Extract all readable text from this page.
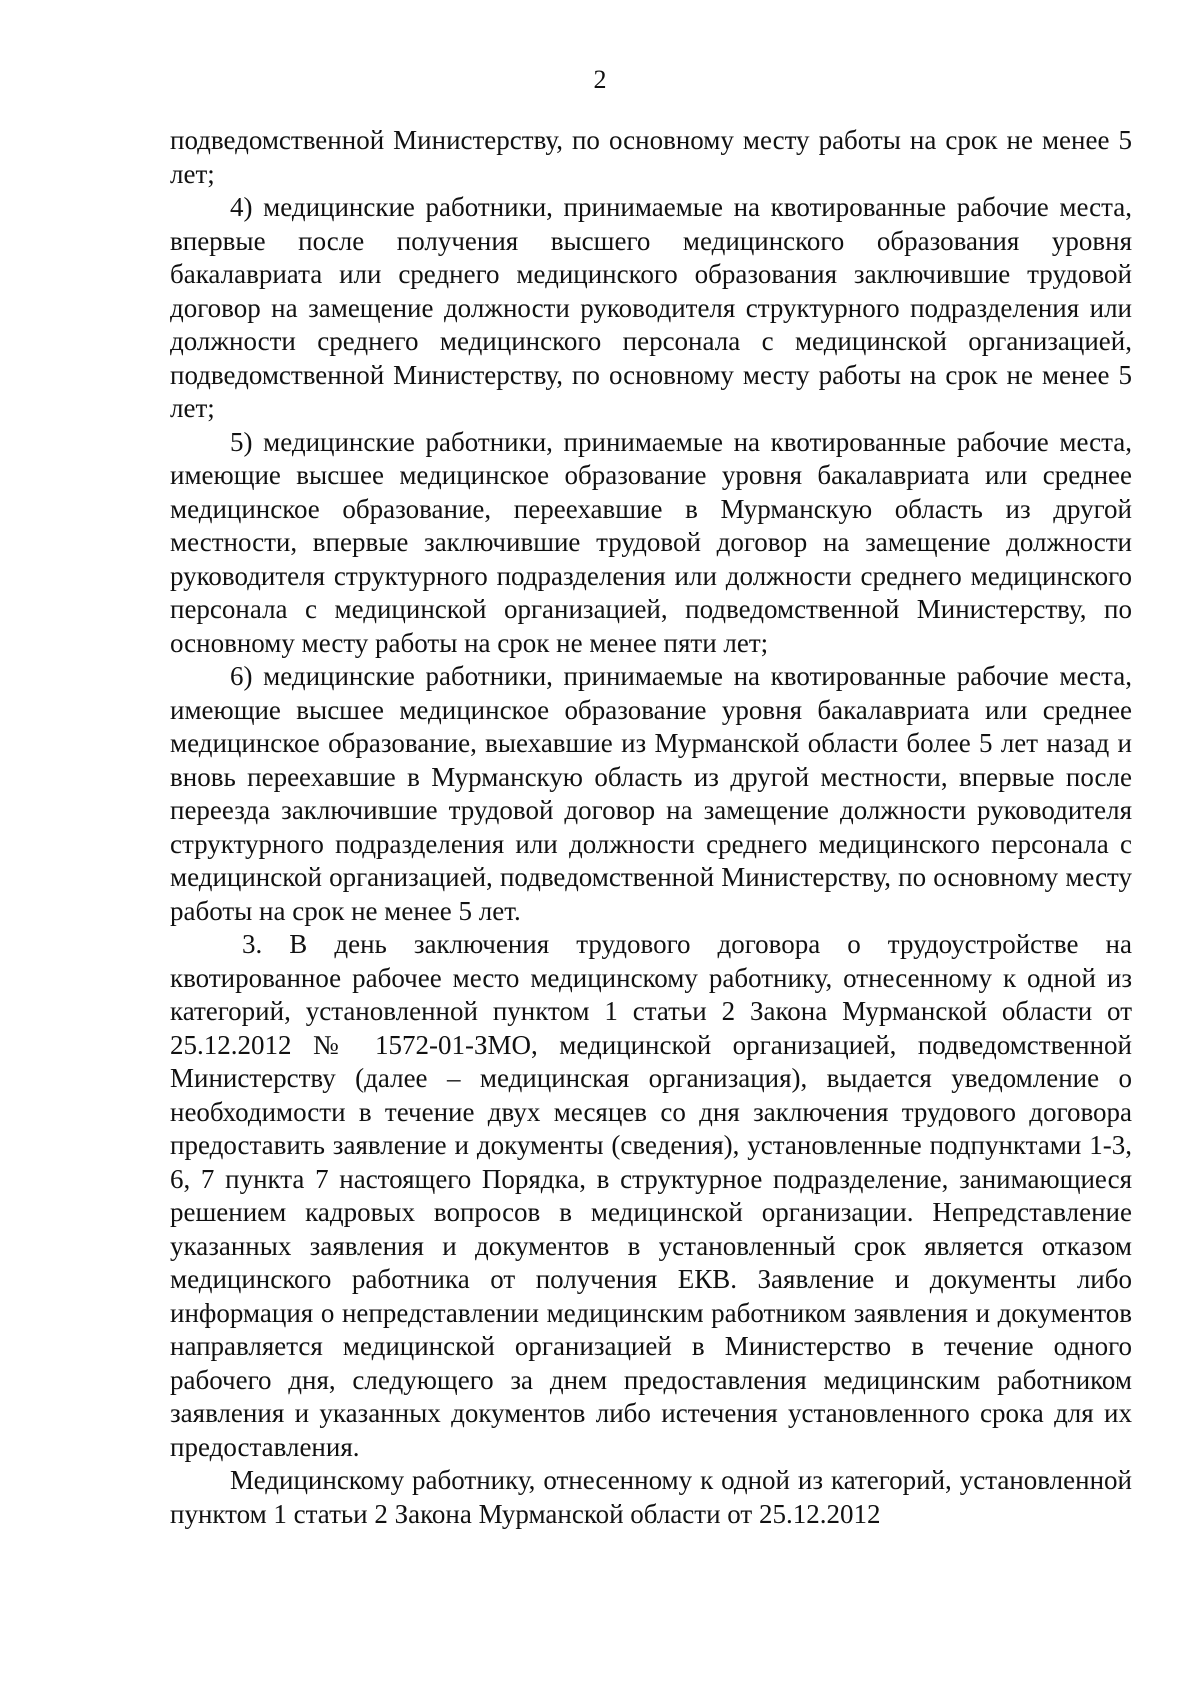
2

подведомственной Министерству, по основному месту работы на срок не менее 5 лет;

4) медицинские работники, принимаемые на квотированные рабочие места, впервые после получения высшего медицинского образования уровня бакалавриата или среднего медицинского образования заключившие трудовой договор на замещение должности руководителя структурного подразделения или должности среднего медицинского персонала с медицинской организацией, подведомственной Министерству, по основному месту работы на срок не менее 5 лет;

5) медицинские работники, принимаемые на квотированные рабочие места, имеющие высшее медицинское образование уровня бакалавриата или среднее медицинское образование, переехавшие в Мурманскую область из другой местности, впервые заключившие трудовой договор на замещение должности руководителя структурного подразделения или должности среднего медицинского персонала с медицинской организацией, подведомственной Министерству, по основному месту работы на срок не менее пяти лет;

6) медицинские работники, принимаемые на квотированные рабочие места, имеющие высшее медицинское образование уровня бакалавриата или среднее медицинское образование, выехавшие из Мурманской области более 5 лет назад и вновь переехавшие в Мурманскую область из другой местности, впервые после переезда заключившие трудовой договор на замещение должности руководителя структурного подразделения или должности среднего медицинского персонала с медицинской организацией, подведомственной Министерству, по основному месту работы на срок не менее 5 лет.

3. В день заключения трудового договора о трудоустройстве на квотированное рабочее место медицинскому работнику, отнесенному к одной из категорий, установленной пунктом 1 статьи 2 Закона Мурманской области от 25.12.2012 № 1572-01-ЗМО, медицинской организацией, подведомственной Министерству (далее – медицинская организация), выдается уведомление о необходимости в течение двух месяцев со дня заключения трудового договора предоставить заявление и документы (сведения), установленные подпунктами 1-3, 6, 7 пункта 7 настоящего Порядка, в структурное подразделение, занимающиеся решением кадровых вопросов в медицинской организации. Непредставление указанных заявления и документов в установленный срок является отказом медицинского работника от получения ЕКВ. Заявление и документы либо информация о непредставлении медицинским работником заявления и документов направляется медицинской организацией в Министерство в течение одного рабочего дня, следующего за днем предоставления медицинским работником заявления и указанных документов либо истечения установленного срока для их предоставления.

Медицинскому работнику, отнесенному к одной из категорий, установленной пунктом 1 статьи 2 Закона Мурманской области от 25.12.2012
